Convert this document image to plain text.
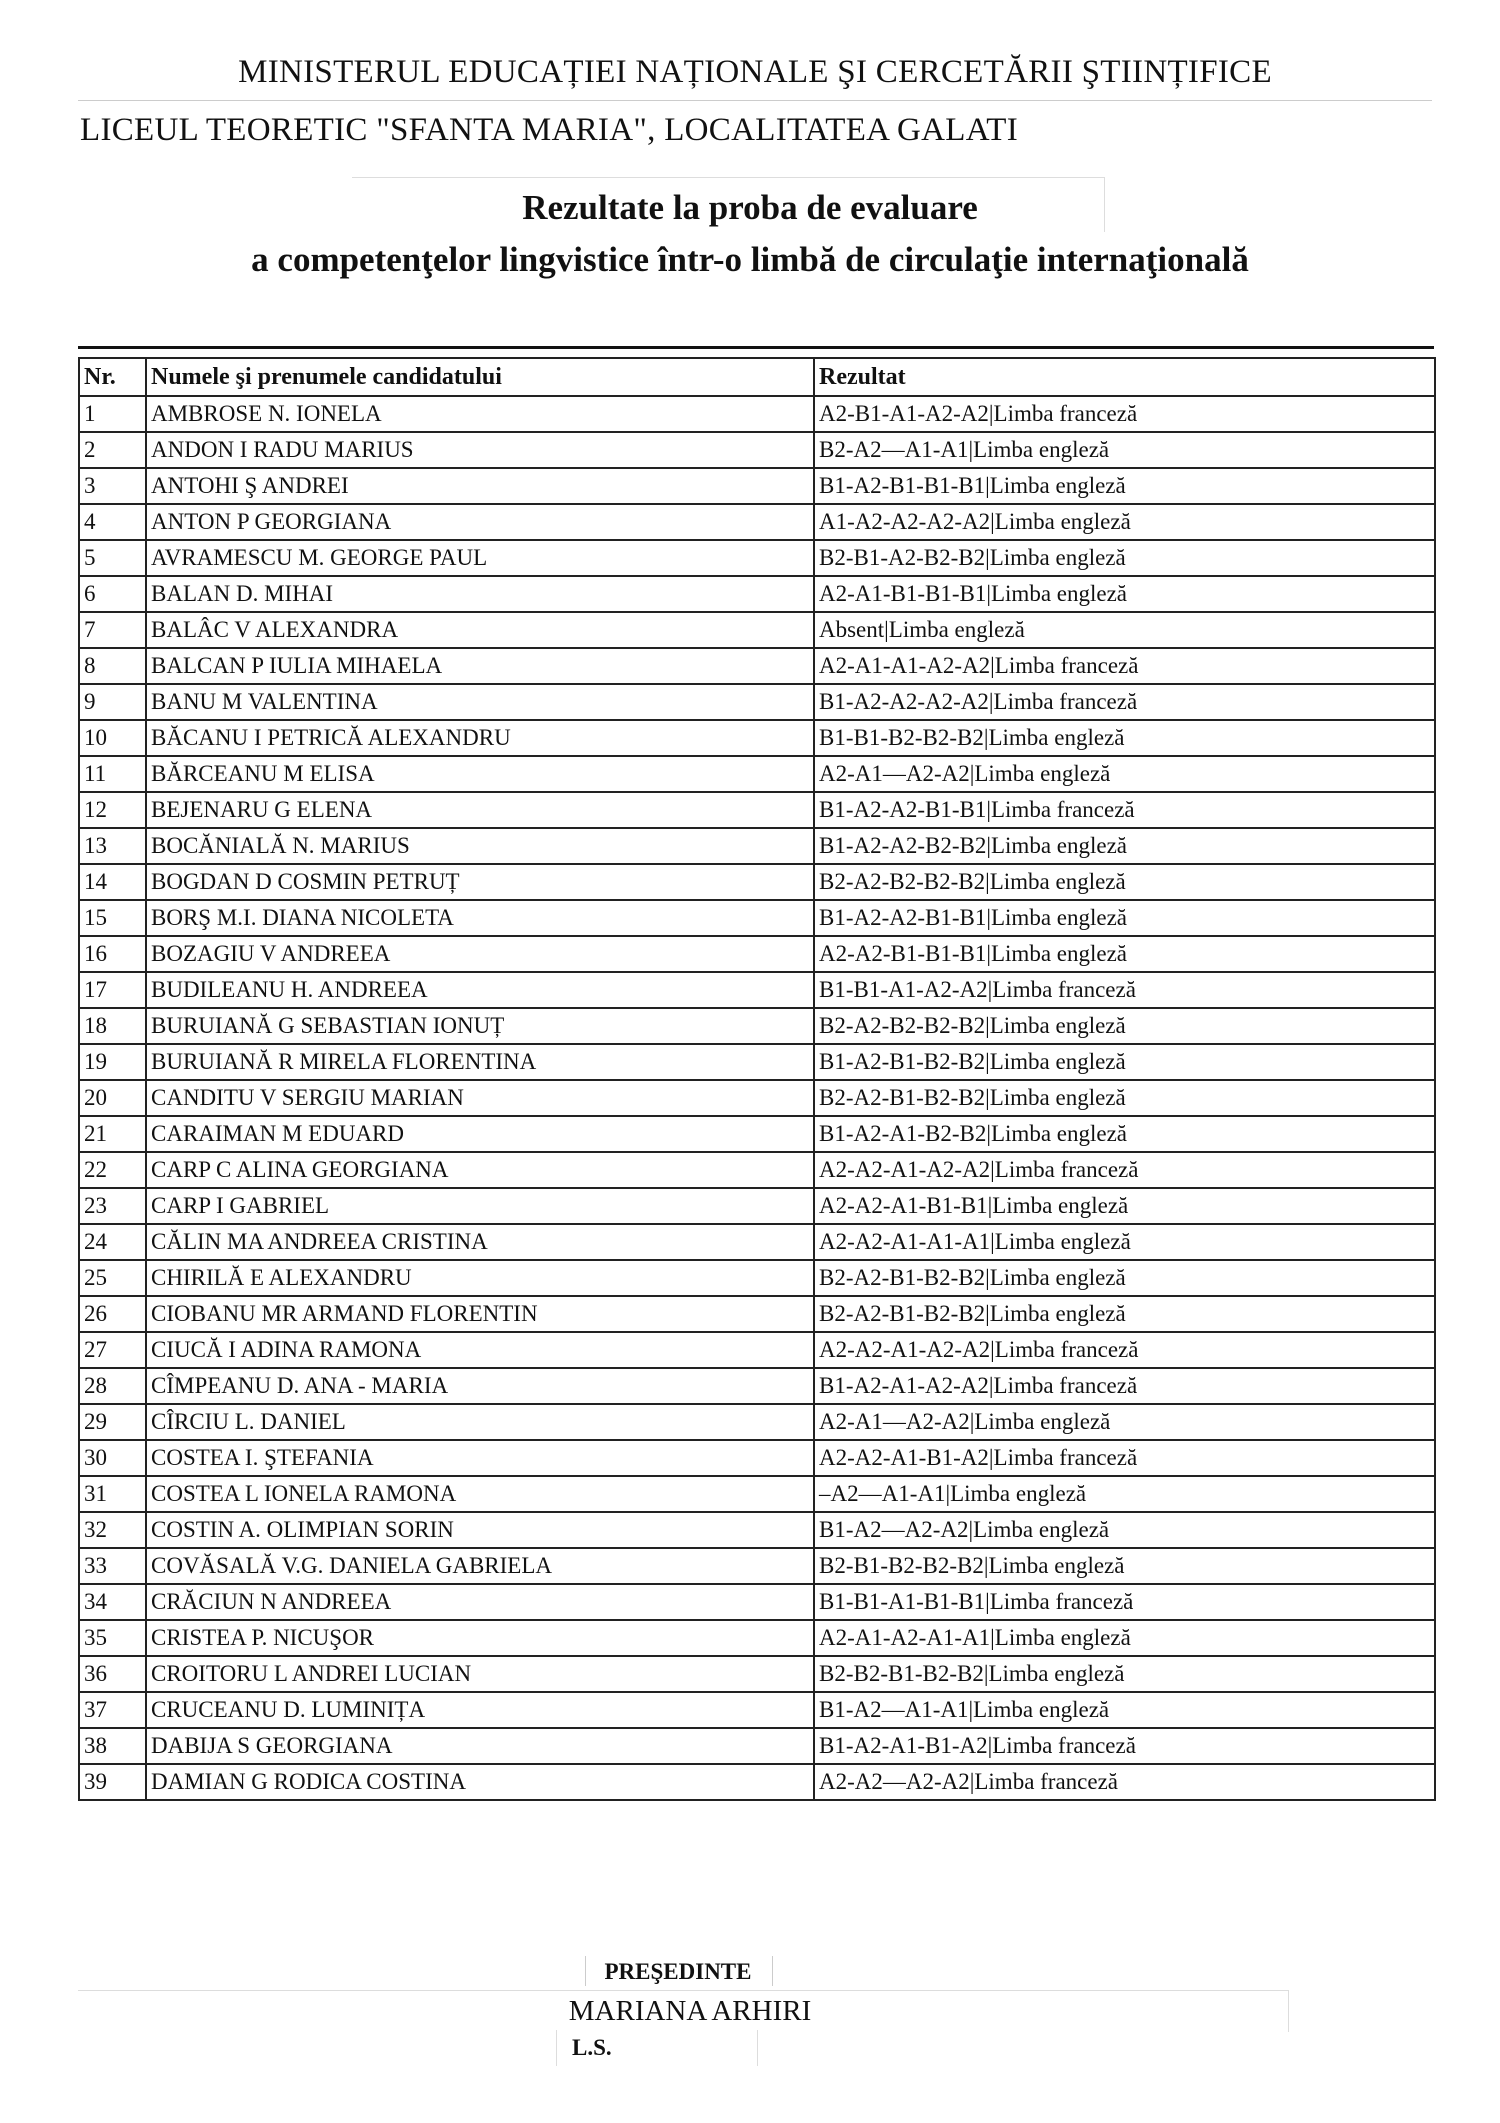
MINISTERUL EDUCAȚIEI NAȚIONALE ŞI CERCETĂRII ŞTIINȚIFICE
LICEUL TEORETIC "SFANTA MARIA", LOCALITATEA GALATI
Rezultate la proba de evaluare
a competenţelor lingvistice într-o limbă de circulaţie internaţională
Nr.	Numele şi prenumele candidatului	Rezultat
1	AMBROSE N. IONELA	A2-B1-A1-A2-A2|Limba franceză
2	ANDON I RADU MARIUS	B2-A2—A1-A1|Limba engleză
3	ANTOHI Ş ANDREI	B1-A2-B1-B1-B1|Limba engleză
4	ANTON P GEORGIANA	A1-A2-A2-A2-A2|Limba engleză
5	AVRAMESCU M. GEORGE PAUL	B2-B1-A2-B2-B2|Limba engleză
6	BALAN D. MIHAI	A2-A1-B1-B1-B1|Limba engleză
7	BALÂC V ALEXANDRA	Absent|Limba engleză
8	BALCAN P IULIA MIHAELA	A2-A1-A1-A2-A2|Limba franceză
9	BANU M VALENTINA	B1-A2-A2-A2-A2|Limba franceză
10	BĂCANU I PETRICĂ ALEXANDRU	B1-B1-B2-B2-B2|Limba engleză
11	BĂRCEANU M ELISA	A2-A1—A2-A2|Limba engleză
12	BEJENARU G ELENA	B1-A2-A2-B1-B1|Limba franceză
13	BOCĂNIALĂ N. MARIUS	B1-A2-A2-B2-B2|Limba engleză
14	BOGDAN D COSMIN PETRUȚ	B2-A2-B2-B2-B2|Limba engleză
15	BORŞ M.I. DIANA NICOLETA	B1-A2-A2-B1-B1|Limba engleză
16	BOZAGIU V ANDREEA	A2-A2-B1-B1-B1|Limba engleză
17	BUDILEANU H. ANDREEA	B1-B1-A1-A2-A2|Limba franceză
18	BURUIANĂ G SEBASTIAN IONUȚ	B2-A2-B2-B2-B2|Limba engleză
19	BURUIANĂ R MIRELA FLORENTINA	B1-A2-B1-B2-B2|Limba engleză
20	CANDITU V SERGIU MARIAN	B2-A2-B1-B2-B2|Limba engleză
21	CARAIMAN M EDUARD	B1-A2-A1-B2-B2|Limba engleză
22	CARP C ALINA GEORGIANA	A2-A2-A1-A2-A2|Limba franceză
23	CARP I GABRIEL	A2-A2-A1-B1-B1|Limba engleză
24	CĂLIN MA ANDREEA CRISTINA	A2-A2-A1-A1-A1|Limba engleză
25	CHIRILĂ E ALEXANDRU	B2-A2-B1-B2-B2|Limba engleză
26	CIOBANU MR ARMAND FLORENTIN	B2-A2-B1-B2-B2|Limba engleză
27	CIUCĂ I ADINA RAMONA	A2-A2-A1-A2-A2|Limba franceză
28	CÎMPEANU D. ANA - MARIA	B1-A2-A1-A2-A2|Limba franceză
29	CÎRCIU L. DANIEL	A2-A1—A2-A2|Limba engleză
30	COSTEA I. ŞTEFANIA	A2-A2-A1-B1-A2|Limba franceză
31	COSTEA L IONELA RAMONA	–A2—A1-A1|Limba engleză
32	COSTIN A. OLIMPIAN SORIN	B1-A2—A2-A2|Limba engleză
33	COVĂSALĂ V.G. DANIELA GABRIELA	B2-B1-B2-B2-B2|Limba engleză
34	CRĂCIUN N ANDREEA	B1-B1-A1-B1-B1|Limba franceză
35	CRISTEA P. NICUŞOR	A2-A1-A2-A1-A1|Limba engleză
36	CROITORU L ANDREI LUCIAN	B2-B2-B1-B2-B2|Limba engleză
37	CRUCEANU D. LUMINIȚA	B1-A2—A1-A1|Limba engleză
38	DABIJA S GEORGIANA	B1-A2-A1-B1-A2|Limba franceză
39	DAMIAN G RODICA COSTINA	A2-A2—A2-A2|Limba franceză
PREŞEDINTE
MARIANA ARHIRI
L.S.
